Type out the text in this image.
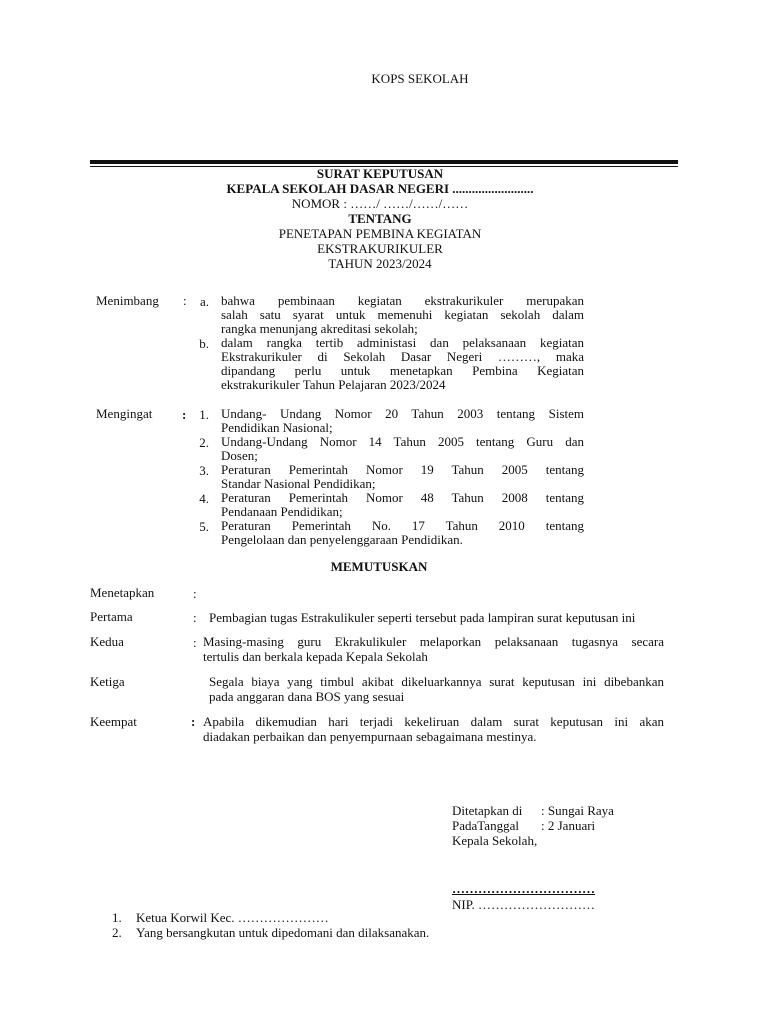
KOPS SEKOLAH
SURAT KEPUTUSAN
KEPALA SEKOLAH DASAR NEGERI .........................
NOMOR : ……/ ……/……/……
TENTANG
PENETAPAN PEMBINA KEGIATAN
EKSTRAKURIKULER
TAHUN 2023/2024
Menimbang :	a. bahwa pembinaan kegiatan ekstrakurikuler merupakan
salah satu syarat untuk memenuhi kegiatan sekolah dalam
rangka menunjang akreditasi sekolah;
b. dalam rangka tertib administasi dan pelaksanaan kegiatan
Ekstrakurikuler di Sekolah Dasar Negeri ………, maka
dipandang perlu untuk menetapkan Pembina Kegiatan
ekstrakurikuler Tahun Pelajaran 2023/2024
Mengingat : 1. Undang- Undang Nomor 20 Tahun 2003 tentang Sistem
Pendidikan Nasional;
2. Undang-Undang Nomor 14 Tahun 2005 tentang Guru dan
Dosen;
3. Peraturan Pemerintah Nomor 19 Tahun 2005 tentang
Standar Nasional Pendidikan;
4. Peraturan Pemerintah Nomor 48 Tahun 2008 tentang
Pendanaan Pendidikan;
5. Peraturan Pemerintah No. 17 Tahun 2010 tentang
Pengelolaan dan penyelenggaraan Pendidikan.
MEMUTUSKAN
Menetapkan	:
Pertama	: Pembagian tugas Estrakulikuler seperti tersebut pada lampiran surat keputusan ini
Kedua	: Masing-masing guru Ekrakulikuler melaporkan pelaksanaan tugasnya secara
tertulis dan berkala kepada Kepala Sekolah
Ketiga	Segala biaya yang timbul akibat dikeluarkannya surat keputusan ini dibebankan
pada anggaran dana BOS yang sesuai
Keempat	: Apabila dikemudian hari terjadi kekeliruan dalam surat keputusan ini akan
diadakan perbaikan dan penyempurnaan sebagaimana mestinya.
Ditetapkan di : Sungai Raya
PadaTanggal : 2 Januari
Kepala Sekolah,
……………………………
NIP. ………………………
1. Ketua Korwil Kec. …………………
2. Yang bersangkutan untuk dipedomani dan dilaksanakan.
